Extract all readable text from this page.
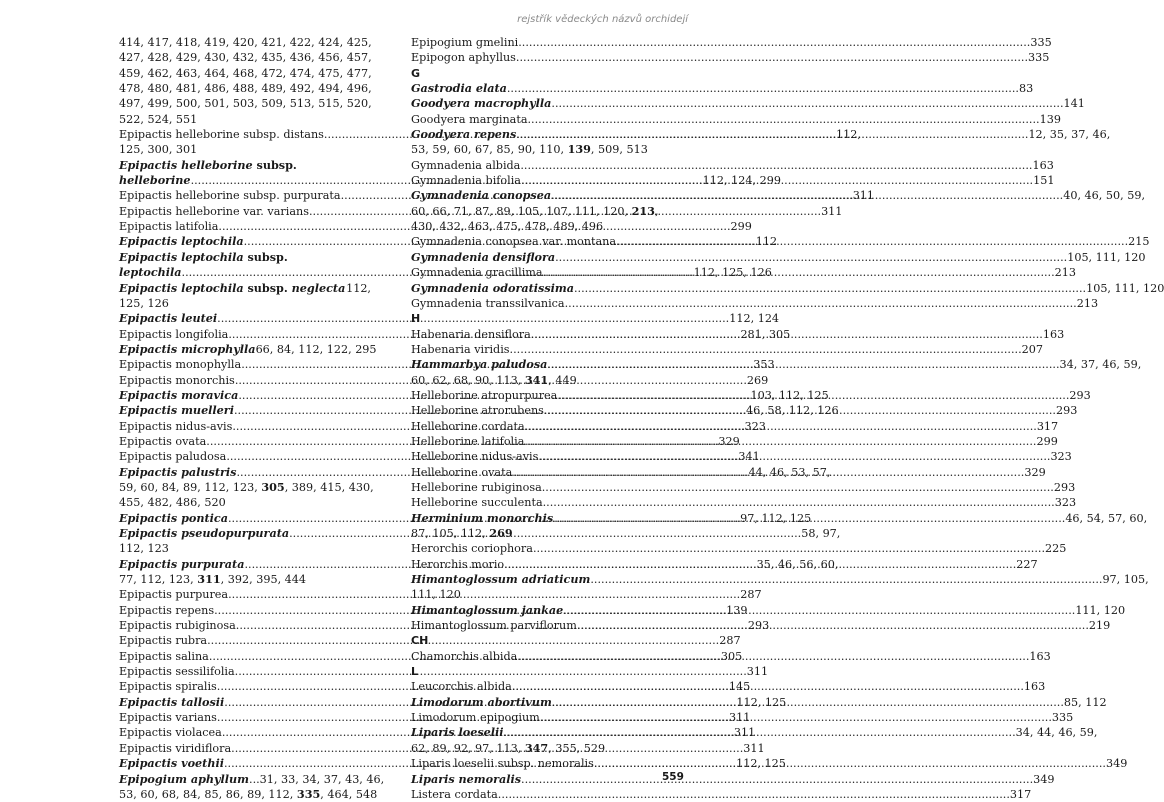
rejstřík vědeckých názvů orchidejí
414, 417, 418, 419, 420, 421, 422, 424, 425,
427, 428, 429, 430, 432, 435, 436, 456, 457,
459, 462, 463, 464, 468, 472, 474, 475, 477,
478, 480, 481, 486, 488, 489, 492, 494, 496,
497, 499, 500, 501, 503, 509, 513, 515, 520,
522, 524, 551
Epipactis helleborine subsp. distans .....	112,
125, 300, 301
Epipactis helleborine subsp.
helleborine .....	112, 124, 299
Epipactis helleborine subsp. purpurata .....	311
Epipactis helleborine var. varians .....	311
Epipactis latifolia .....	299
Epipactis leptochila .....	112
Epipactis leptochila subsp.
leptochila .....	112, 125, 126
Epipactis leptochila subsp. neglecta ..... 112,
125, 126
Epipactis leutei .....	112, 124
Epipactis longifolia .....	281, 305
Epipactis microphylla 66, 84, 112, 122, 295
Epipactis monophylla .....	353
Epipactis monorchis .....	269
Epipactis moravica .....	103, 112, 125
Epipactis muelleri .....	46, 58, 112, 126
Epipactis nidus-avis .....	323
Epipactis ovata .....	329
Epipactis paludosa .....	341
Epipactis palustris .....	44, 46, 53, 57,
59, 60, 84, 89, 112, 123, 305, 389, 415, 430,
455, 482, 486, 520
Epipactis pontica .....	97, 112, 125
Epipactis pseudopurpurata .....	58, 97,
112, 123
Epipactis purpurata .....	35, 46, 56, 60,
77, 112, 123, 311, 392, 395, 444
Epipactis purpurea .....	287
Epipactis repens .....	139
Epipactis rubiginosa .....	293
Epipactis rubra .....	287
Epipactis salina .....	305
Epipactis sessilifolia .....	311
Epipactis spiralis .....	145
Epipactis tallosii .....	112, 125
Epipactis varians .....	311
Epipactis violacea .....	311
Epipactis viridiflora .....	311
Epipactis voethii .....	112, 125
Epipogium aphyllum...31, 33, 34, 37, 43, 46,
53, 60, 68, 84, 85, 86, 89, 112, 335, 464, 548
Epipogium gmelini .....	335
Epipogon aphyllus .....	335
G
Gastrodia elata .....	83
Goodyera macrophylla .....	141
Goodyera marginata .....	139
Goodyera repens .....	12, 35, 37, 46,
53, 59, 60, 67, 85, 90, 110, 139, 509, 513
Gymnadenia albida .....	163
Gymnadenia bifolia .....	151
Gymnadenia conopsea .....	40, 46, 50, 59,
60, 66, 71, 87, 89, 105, 107, 111, 120, 213,
430, 432, 463, 475, 478, 489, 496
Gymnadenia conopsea var. montana .....	215
Gymnadenia densiflora .....	105, 111, 120
Gymnadenia gracillima .....	213
Gymnadenia odoratissima .....	105, 111, 120
Gymnadenia transsilvanica .....	213
H
Habenaria densiflora .....	163
Habenaria viridis .....	207
Hammarbya paludosa .....	34, 37, 46, 59,
60, 62, 68, 90, 113, 341, 449
Helleborine atropurpurea .....	293
Helleborine atrorubens .....	293
Helleborine cordata .....	317
Helleborine latifolia .....	299
Helleborine nidus-avis .....	323
Helleborine ovata .....	329
Helleborine rubiginosa .....	293
Helleborine succulenta .....	323
Herminium monorchis .....	46, 54, 57, 60,
87, 105, 112, 269
Herorchis coriophora .....	225
Herorchis morio .....	227
Himantoglossum adriaticum .....	97, 105,
111, 120
Himantoglossum jankae .....	111, 120
Himantoglossum parviflorum .....	219
CH
Chamorchis albida .....	163
L
Leucorchis albida .....	163
Limodorum abortivum .....	85, 112
Limodorum epipogium .....	335
Liparis loeselii .....	34, 44, 46, 59,
62, 89, 92, 97, 113, 347, 355, 529
Liparis loeselii subsp. nemoralis .....	349
Liparis nemoralis .....	349
Listera cordata .....	317
559
